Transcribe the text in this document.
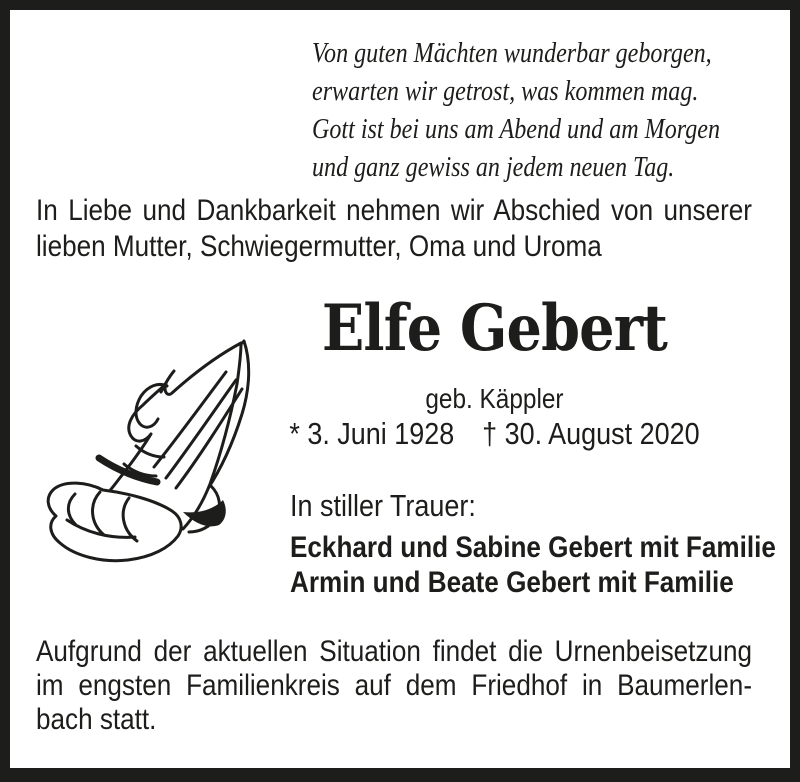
Von guten Mächten wunderbar geborgen,
erwarten wir getrost, was kommen mag.
Gott ist bei uns am Abend und am Morgen
und ganz gewiss an jedem neuen Tag.
In Liebe und Dankbarkeit nehmen wir Abschied von unserer
lieben Mutter, Schwiegermutter, Oma und Uroma
Elfe Gebert
geb. Käppler
* 3. Juni 1928 † 30. August 2020
In stiller Trauer:
Eckhard und Sabine Gebert mit Familie
Armin und Beate Gebert mit Familie
Aufgrund der aktuellen Situation findet die Urnenbeisetzung
im engsten Familienkreis auf dem Friedhof in Baumerlen-
bach statt.
